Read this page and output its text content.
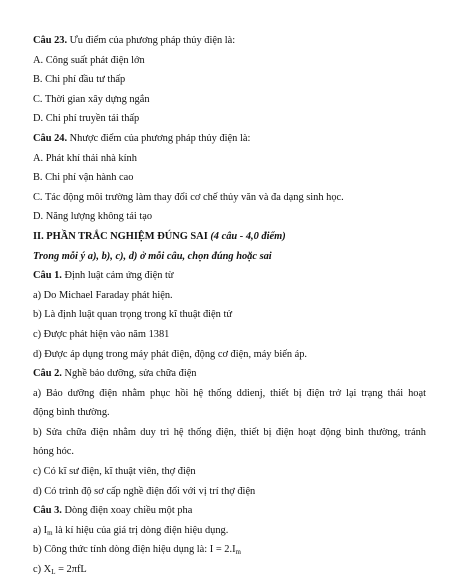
Câu 23. Ưu điểm của phương pháp thủy điện là:

A. Công suất phát điện lớn

B. Chi phí đầu tư thấp

C. Thời gian xây dựng ngắn

D. Chi phí truyền tải thấp

Câu 24. Nhược điểm của phương pháp thủy điện là:

A. Phát khí thải nhà kính

B. Chi phí vận hành cao

C. Tác động môi trường làm thay đổi cơ chế thủy văn và đa dạng sinh học.

D. Năng lượng không tái tạo

II. PHẦN TRẮC NGHIỆM ĐÚNG SAI (4 câu - 4,0 điểm)

Trong mỗi ý a), b), c), d) ở mỗi câu, chọn đúng hoặc sai

Câu 1. Định luật cảm ứng điện từ

a) Do Michael Faraday phát hiện.

b) Là định luật quan trọng trong kĩ thuật điện tử

c) Được phát hiện vào năm 1381

d) Được áp dụng trong máy phát điện, động cơ điện, máy biến áp.

Câu 2. Nghề bảo dưỡng, sửa chữa điện

a) Bảo dưỡng điện nhằm phục hồi hệ thống ddienj, thiết bị điện trở lại trạng thái hoạt

động bình thường.

b) Sửa chữa điện nhằm duy trì hệ thống điện, thiết bị điện hoạt động bình thường, tránh

hỏng hóc.

c) Có kĩ sư điện, kĩ thuật viên, thợ điện

d) Có trình độ sơ cấp nghề điện đối với vị trí thợ điện

Câu 3. Dòng điện xoay chiều một pha

a) $I_m$ là kí hiệu của giá trị dòng điện hiệu dụng.

b) Công thức tính dòng điện hiệu dụng là: $I = 2.I_m$

c) $X_L = 2\pi fL$
